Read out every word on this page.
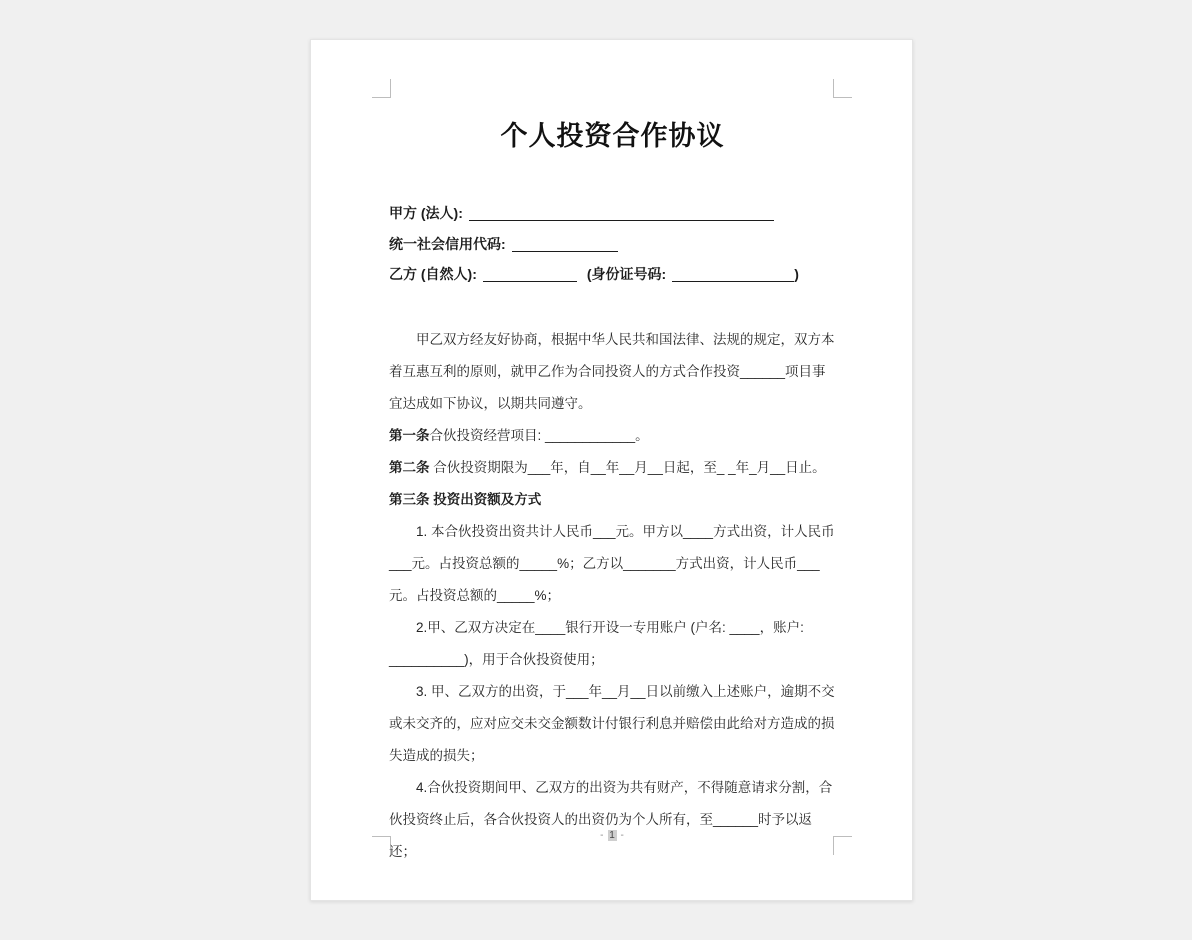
个人投资合作协议
甲方 (法人):
统一社会信用代码:
乙方 (自然人):	(身份证号码:	)

甲乙双方经友好协商，根据中华人民共和国法律、法规的规定，双方本着互惠互利的原则，就甲乙作为合同投资人的方式合作投资______项目事宜达成如下协议，以期共同遵守。

第一条合伙投资经营项目: ____________。

第二条 合伙投资期限为___年，自__年__月__日起，至_ _年_月__日止。

第三条 投资出资额及方式

1. 本合伙投资出资共计人民币___元。甲方以____方式出资，计人民币___元。占投资总额的_____%；乙方以_______方式出资，计人民币___元。占投资总额的_____%；

2.甲、乙双方决定在____银行开设一专用账户 (户名: ____，账户: __________)，用于合伙投资使用；

3. 甲、乙双方的出资，于___年__月__日以前缴入上述账户，逾期不交或未交齐的，应对应交未交金额数计付银行利息并赔偿由此给对方造成的损失造成的损失；

4.合伙投资期间甲、乙双方的出资为共有财产，不得随意请求分割，合伙投资终止后，各合伙投资人的出资仍为个人所有，至______时予以返还；

- 1 -
